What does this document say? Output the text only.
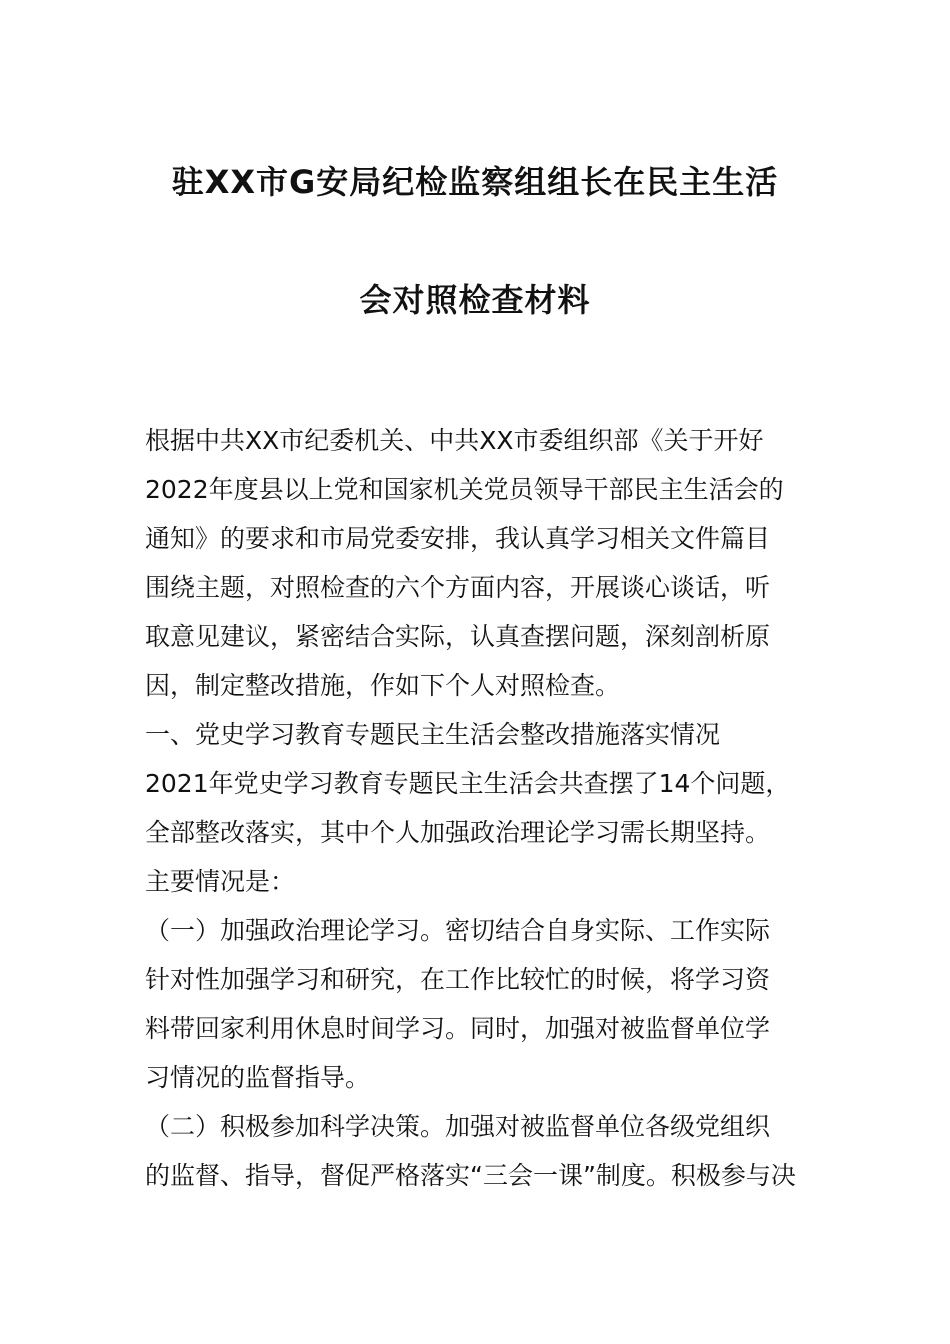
驻XX市G安局纪检监察组组长在民主生活
会对照检查材料
根据中共XX市纪委机关、中共XX市委组织部《关于开好
2022年度县以上党和国家机关党员领导干部民主生活会的
通知》的要求和市局党委安排，我认真学习相关文件篇目
围绕主题，对照检查的六个方面内容，开展谈心谈话，听
取意见建议，紧密结合实际，认真查摆问题，深刻剖析原
因，制定整改措施，作如下个人对照检查。
一、党史学习教育专题民主生活会整改措施落实情况
2021年党史学习教育专题民主生活会共查摆了14个问题，
全部整改落实，其中个人加强政治理论学习需长期坚持。
主要情况是：
（一）加强政治理论学习。密切结合自身实际、工作实际
针对性加强学习和研究，在工作比较忙的时候，将学习资
料带回家利用休息时间学习。同时，加强对被监督单位学
习情况的监督指导。
（二）积极参加科学决策。加强对被监督单位各级党组织
的监督、指导，督促严格落实“三会一课”制度。积极参与决
